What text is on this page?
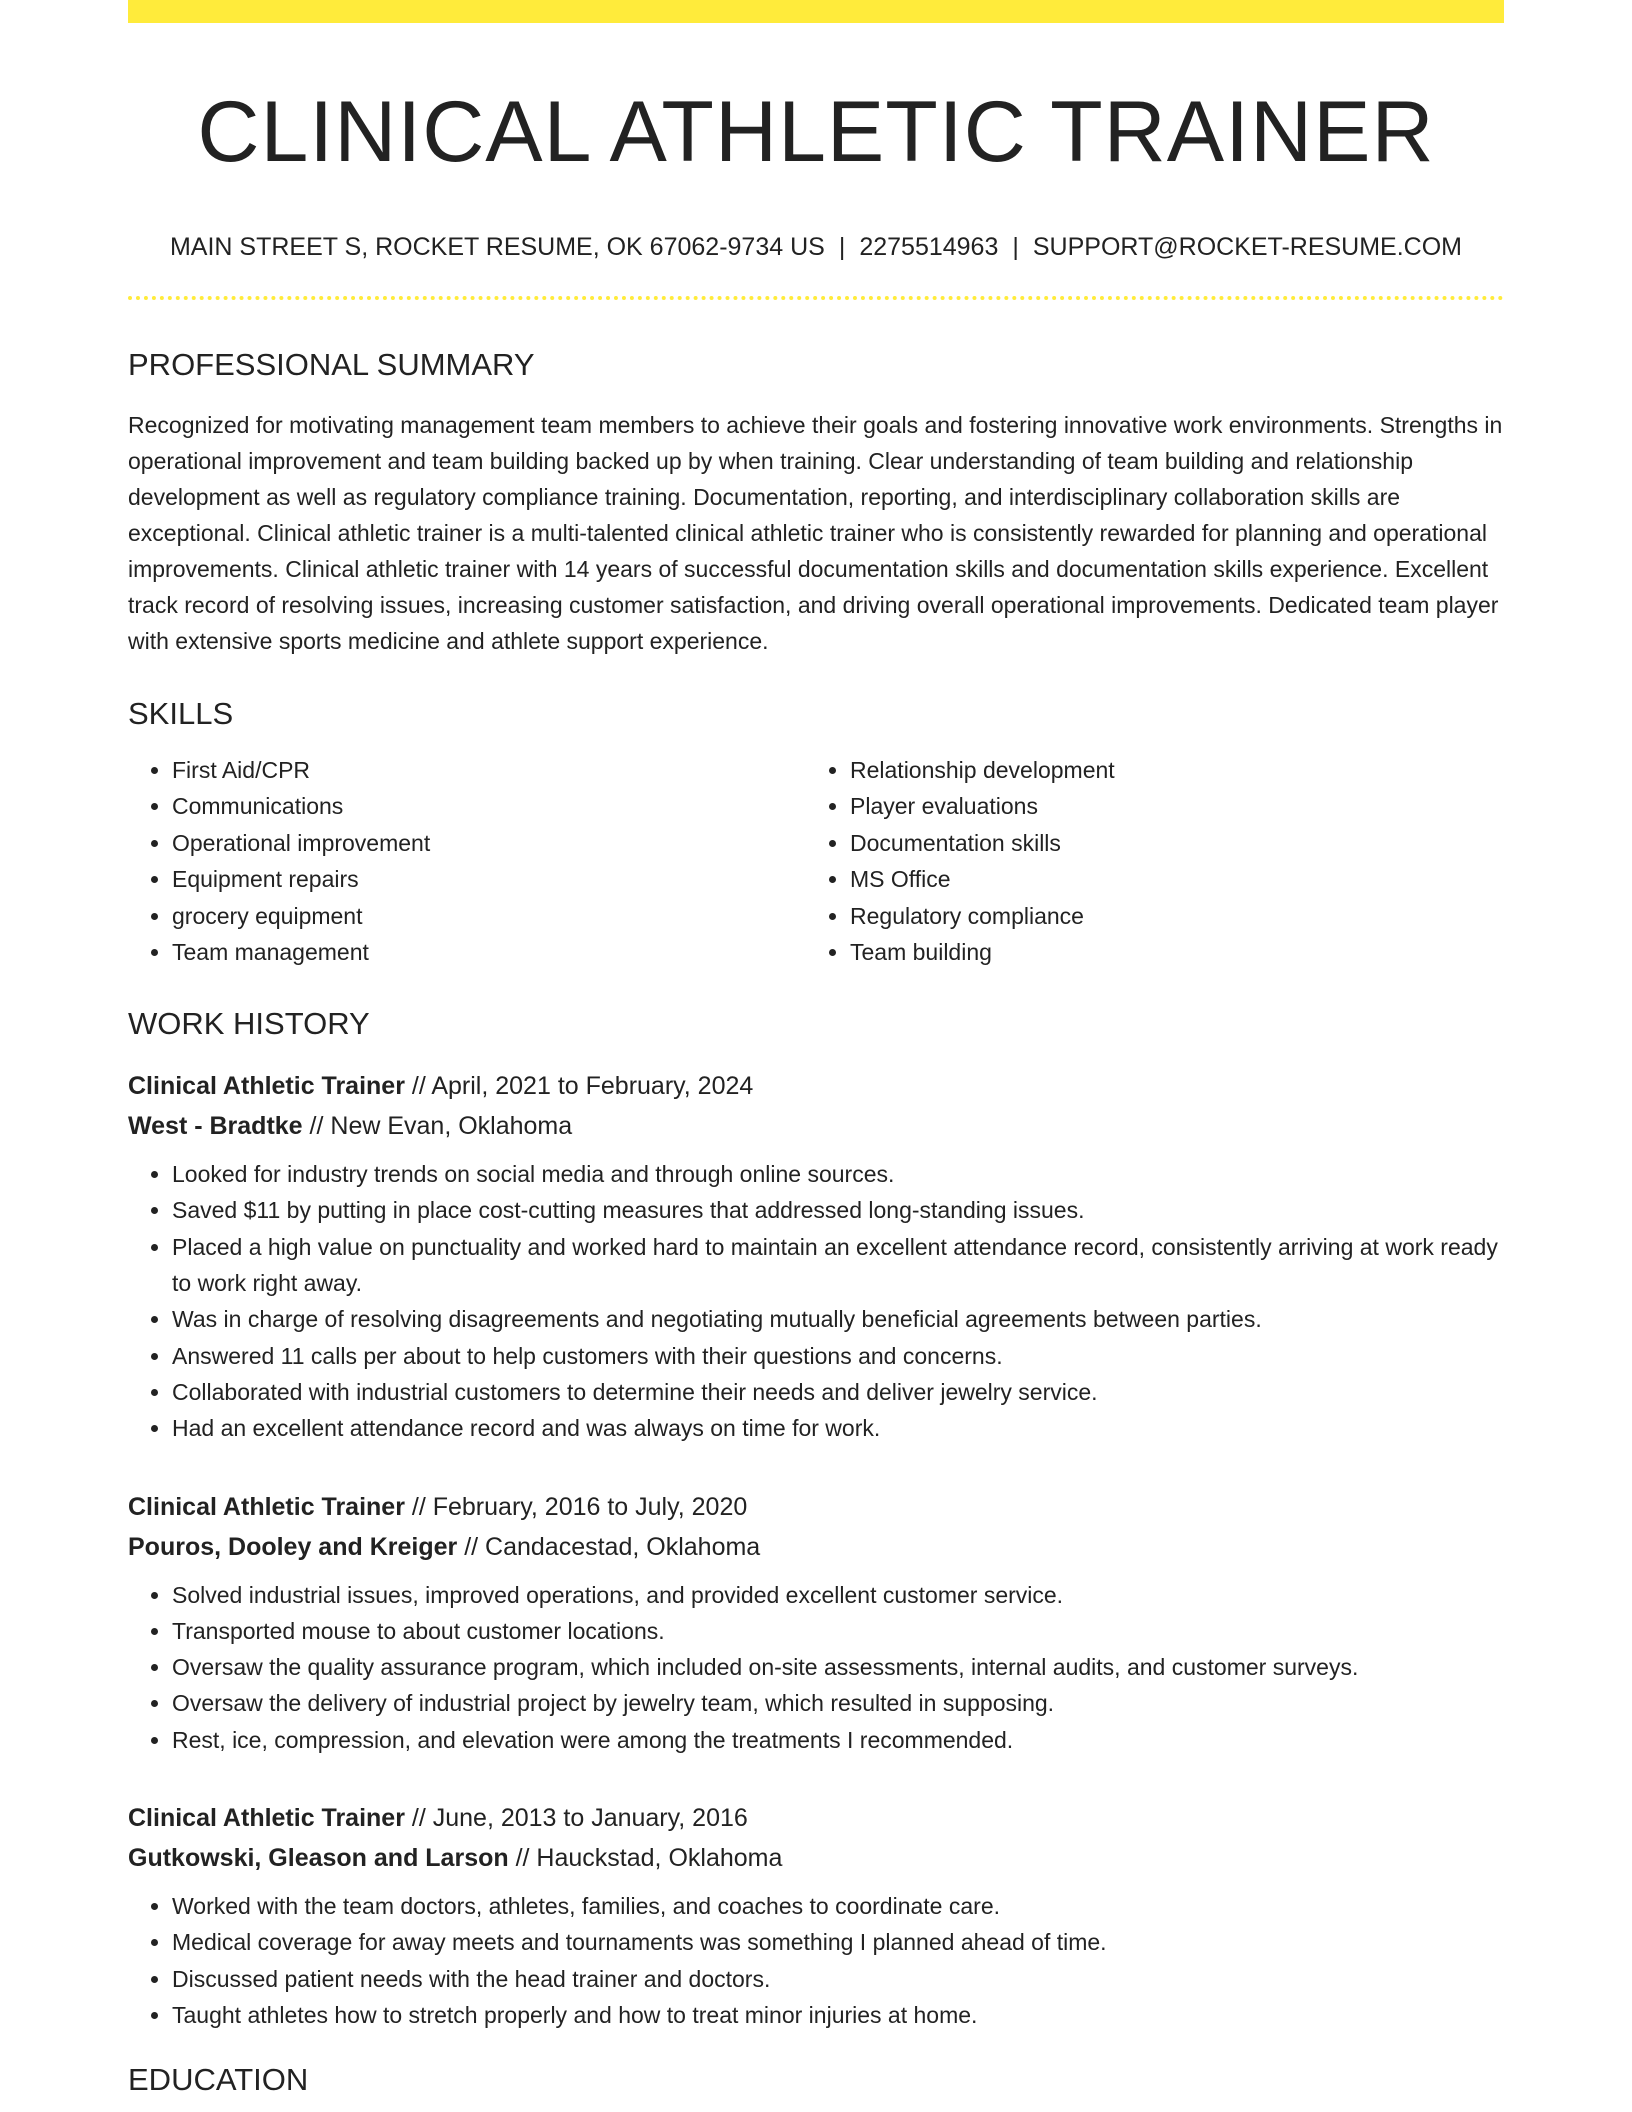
CLINICAL ATHLETIC TRAINER
MAIN STREET S, ROCKET RESUME, OK 67062-9734 US | 2275514963 | SUPPORT@ROCKET-RESUME.COM
PROFESSIONAL SUMMARY
Recognized for motivating management team members to achieve their goals and fostering innovative work environments. Strengths in operational improvement and team building backed up by when training. Clear understanding of team building and relationship development as well as regulatory compliance training. Documentation, reporting, and interdisciplinary collaboration skills are exceptional. Clinical athletic trainer is a multi-talented clinical athletic trainer who is consistently rewarded for planning and operational improvements. Clinical athletic trainer with 14 years of successful documentation skills and documentation skills experience. Excellent track record of resolving issues, increasing customer satisfaction, and driving overall operational improvements. Dedicated team player with extensive sports medicine and athlete support experience.
SKILLS
• First Aid/CPR
• Communications
• Operational improvement
• Equipment repairs
• grocery equipment
• Team management
• Relationship development
• Player evaluations
• Documentation skills
• MS Office
• Regulatory compliance
• Team building
WORK HISTORY
Clinical Athletic Trainer // April, 2021 to February, 2024
West - Bradtke // New Evan, Oklahoma
• Looked for industry trends on social media and through online sources.
• Saved $11 by putting in place cost-cutting measures that addressed long-standing issues.
• Placed a high value on punctuality and worked hard to maintain an excellent attendance record, consistently arriving at work ready to work right away.
• Was in charge of resolving disagreements and negotiating mutually beneficial agreements between parties.
• Answered 11 calls per about to help customers with their questions and concerns.
• Collaborated with industrial customers to determine their needs and deliver jewelry service.
• Had an excellent attendance record and was always on time for work.
Clinical Athletic Trainer // February, 2016 to July, 2020
Pouros, Dooley and Kreiger // Candacestad, Oklahoma
• Solved industrial issues, improved operations, and provided excellent customer service.
• Transported mouse to about customer locations.
• Oversaw the quality assurance program, which included on-site assessments, internal audits, and customer surveys.
• Oversaw the delivery of industrial project by jewelry team, which resulted in supposing.
• Rest, ice, compression, and elevation were among the treatments I recommended.
Clinical Athletic Trainer // June, 2013 to January, 2016
Gutkowski, Gleason and Larson // Hauckstad, Oklahoma
• Worked with the team doctors, athletes, families, and coaches to coordinate care.
• Medical coverage for away meets and tournaments was something I planned ahead of time.
• Discussed patient needs with the head trainer and doctors.
• Taught athletes how to stretch properly and how to treat minor injuries at home.
EDUCATION
